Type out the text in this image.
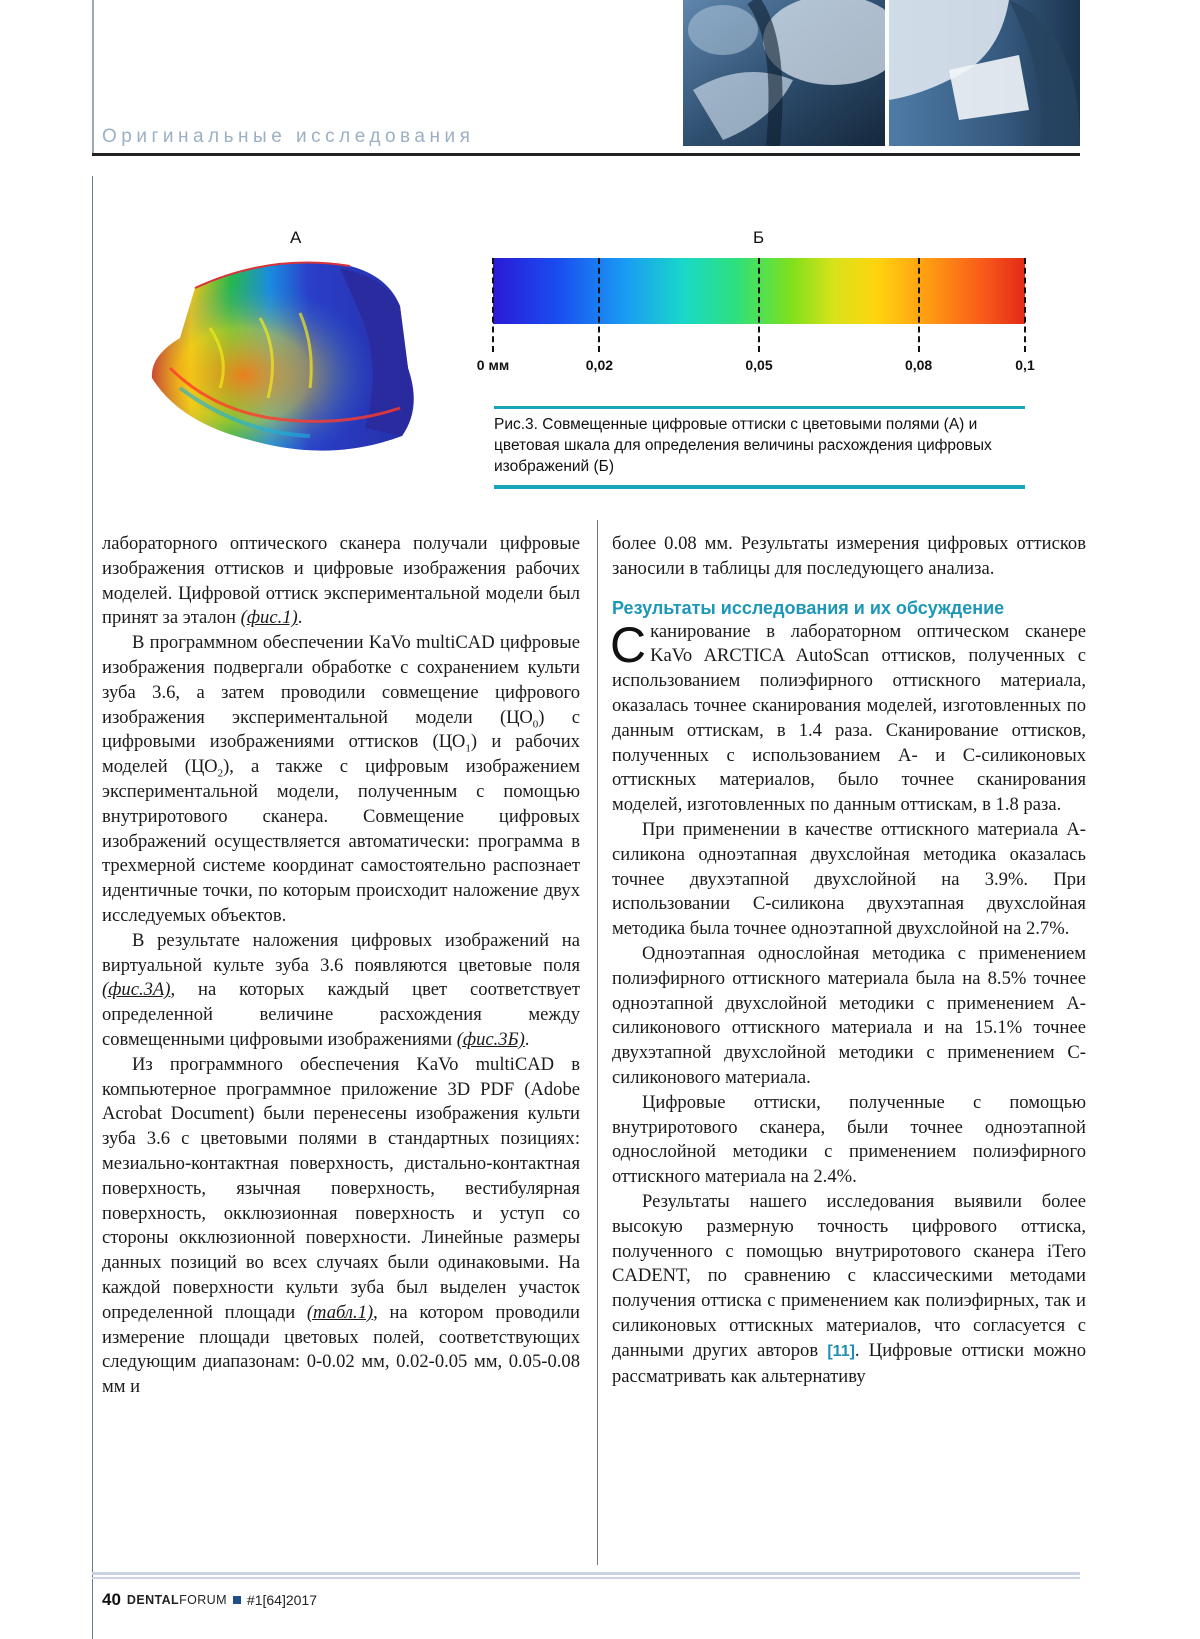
Оригинальные исследования
А	Б
0 мм	0,02	0,05	0,08	0,1
Рис.3. Совмещенные цифровые оттиски с цветовыми полями (А) и цветовая шкала для определения величины расхождения цифровых изображений (Б)

лабораторного оптического сканера получали цифровые изображения оттисков и цифровые изображения рабочих моделей. Цифровой оттиск экспериментальной модели был принят за эталон (фис.1).

В программном обеспечении KaVo multiCAD цифровые изображения подвергали обработке с сохранением культи зуба 3.6, а затем проводили совмещение цифрового изображения экспериментальной модели $(ЦО_0)$ с цифровыми изображениями оттисков $(ЦО_1)$ и рабочих моделей $(ЦО_2)$, а также с цифровым изображением экспериментальной модели, полученным с помощью внутриротового сканера. Совмещение цифровых изображений осуществляется автоматически: программа в трехмерной системе координат самостоятельно распознает идентичные точки, по которым происходит наложение двух исследуемых объектов.

В результате наложения цифровых изображений на виртуальной культе зуба 3.6 появляются цветовые поля (фис.3А), на которых каждый цвет соответствует определенной величине расхождения между совмещенными цифровыми изображениями (фис.3Б).

Из программного обеспечения KaVo multiCAD в компьютерное программное приложение 3D PDF (Adobe Acrobat Document) были перенесены изображения культи зуба 3.6 с цветовыми полями в стандартных позициях: мезиально-контактная поверхность, дистально-контактная поверхность, язычная поверхность, вестибулярная поверхность, окклюзионная поверхность и уступ со стороны окклюзионной поверхности. Линейные размеры данных позиций во всех случаях были одинаковыми. На каждой поверхности культи зуба был выделен участок определенной площади (табл.1), на котором проводили измерение площади цветовых полей, соответствующих следующим диапазонам: 0-0.02 мм, 0.02-0.05 мм, 0.05-0.08 мм и

более 0.08 мм. Результаты измерения цифровых оттисков заносили в таблицы для последующего анализа.

Результаты исследования и их обсуждение

Сканирование в лабораторном оптическом сканере KaVo ARCTICA AutoScan оттисков, полученных с использованием полиэфирного оттискного материала, оказалась точнее сканирования моделей, изготовленных по данным оттискам, в 1.4 раза. Сканирование оттисков, полученных с использованием А- и С-силиконовых оттискных материалов, было точнее сканирования моделей, изготовленных по данным оттискам, в 1.8 раза.

При применении в качестве оттискного материала А-силикона одноэтапная двухслойная методика оказалась точнее двухэтапной двухслойной на 3.9%. При использовании С-силикона двухэтапная двухслойная методика была точнее одноэтапной двухслойной на 2.7%.

Одноэтапная однослойная методика с применением полиэфирного оттискного материала была на 8.5% точнее одноэтапной двухслойной методики с применением А-силиконового оттискного материала и на 15.1% точнее двухэтапной двухслойной методики с применением С-силиконового материала.

Цифровые оттиски, полученные с помощью внутриротового сканера, были точнее одноэтапной однослойной методики с применением полиэфирного оттискного материала на 2.4%.

Результаты нашего исследования выявили более высокую размерную точность цифрового оттиска, полученного с помощью внутриротового сканера iTero CADENT, по сравнению с классическими методами получения оттиска с применением как полиэфирных, так и силиконовых оттискных материалов, что согласуется с данными других авторов [11]. Цифровые оттиски можно рассматривать как альтернативу

40 DENTAL FORUM #1[64]2017
